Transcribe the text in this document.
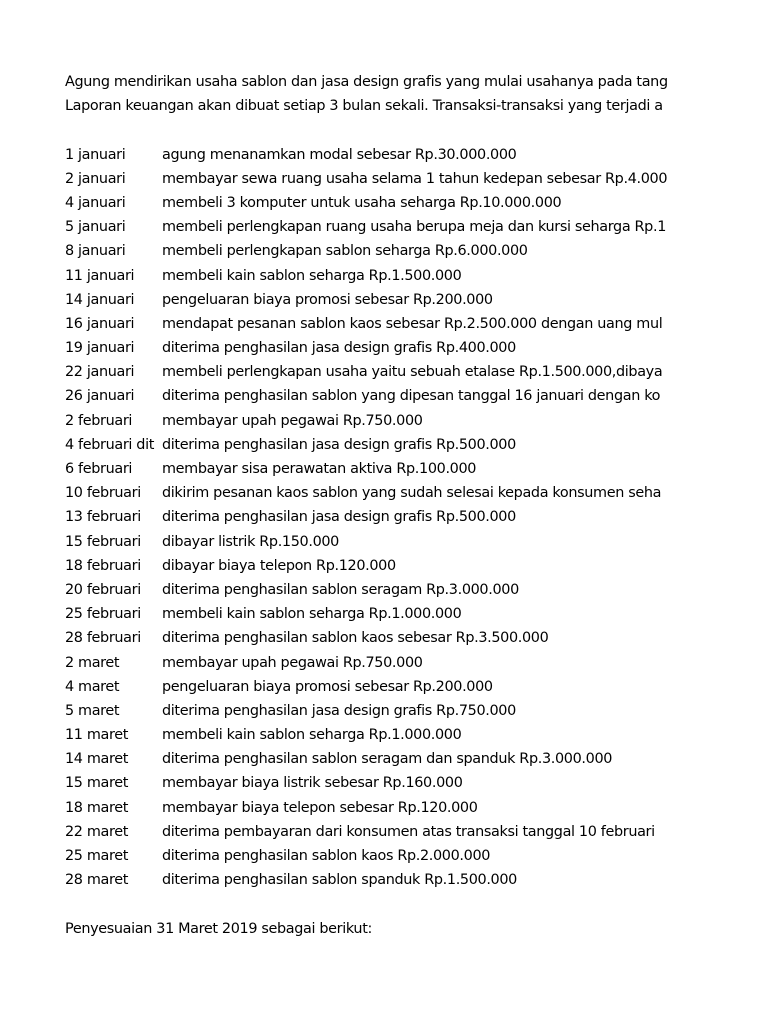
Agung mendirikan usaha sablon dan jasa design grafis yang mulai usahanya pada tang
Laporan keuangan akan dibuat setiap 3 bulan sekali. Transaksi-transaksi yang terjadi a
1 januari	agung menanamkan modal sebesar Rp.30.000.000
2 januari	membayar sewa ruang usaha selama 1 tahun kedepan sebesar Rp.4.000
4 januari	membeli 3 komputer untuk usaha seharga Rp.10.000.000
5 januari	membeli perlengkapan ruang usaha berupa meja dan kursi seharga Rp.1
8 januari	membeli perlengkapan sablon seharga Rp.6.000.000
11 januari	membeli kain sablon seharga Rp.1.500.000
14 januari	pengeluaran biaya promosi sebesar Rp.200.000
16 januari	mendapat pesanan sablon kaos sebesar Rp.2.500.000 dengan uang mul
19 januari	diterima penghasilan jasa design grafis Rp.400.000
22 januari	membeli perlengkapan usaha yaitu sebuah etalase Rp.1.500.000,dibaya
26 januari	diterima penghasilan sablon yang dipesan tanggal 16 januari dengan ko
2 februari	membayar upah pegawai Rp.750.000
4 februari dit diterima penghasilan jasa design grafis Rp.500.000
6 februari	membayar sisa perawatan aktiva Rp.100.000
10 februari	dikirim pesanan kaos sablon yang sudah selesai kepada konsumen seha
13 februari	diterima penghasilan jasa design grafis Rp.500.000
15 februari	dibayar listrik Rp.150.000
18 februari	dibayar biaya telepon Rp.120.000
20 februari	diterima penghasilan sablon seragam Rp.3.000.000
25 februari	membeli kain sablon seharga Rp.1.000.000
28 februari	diterima penghasilan sablon kaos sebesar Rp.3.500.000
2 maret	membayar upah pegawai Rp.750.000
4 maret	pengeluaran biaya promosi sebesar Rp.200.000
5 maret	diterima penghasilan jasa design grafis Rp.750.000
11 maret	membeli kain sablon seharga Rp.1.000.000
14 maret	diterima penghasilan sablon seragam dan spanduk Rp.3.000.000
15 maret	membayar biaya listrik sebesar Rp.160.000
18 maret	membayar biaya telepon sebesar Rp.120.000
22 maret	diterima pembayaran dari konsumen atas transaksi tanggal 10 februari
25 maret	diterima penghasilan sablon kaos Rp.2.000.000
28 maret	diterima penghasilan sablon spanduk Rp.1.500.000
Penyesuaian 31 Maret 2019 sebagai berikut:
